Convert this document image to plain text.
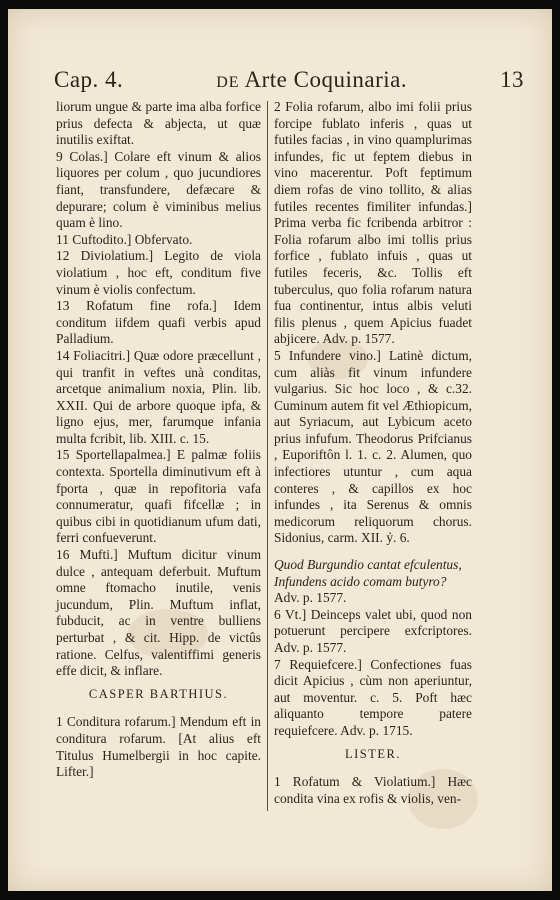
Cap. 4.	DE Arte Coquinaria.	13

liorum ungue & parte ima alba forfice prius defecta & abjecta, ut quæ inutilis exiftat.

9 Colas.] Colare eft vinum & alios liquores per colum , quo jucundiores fiant, transfundere, defæcare & depurare; colum è viminibus melius quam è lino.

11 Cuftodito.] Obfervato.

12 Diviolatium.] Legito de viola violatium , hoc eft, conditum five vinum è violis confectum.

13 Rofatum fine rofa.] Idem conditum iifdem quafi verbis apud Palladium.

14 Foliacitri.] Quæ odore præcellunt , qui tranfit in veftes unà conditas, arcetque animalium noxia, Plin. lib. XXII. Qui de arbore quoque ipfa, & ligno ejus, mer, farumque infania multa fcribit, lib. XIII. c. 15.

15 Sportellapalmea.] E palmæ foliis contexta. Sportella diminutivum eft à fporta , quæ in repofitoria vafa connumeratur, quafi fifcellæ ; in quibus cibi in quotidianum ufum dati, ferri confueverunt.

16 Mufti.] Muftum dicitur vinum dulce , antequam deferbuit. Muftum omne ftomacho inutile, venis jucundum, Plin. Muftum inflat, fubducit, ac in ventre bulliens perturbat , & cit. Hipp. de victûs ratione. Celfus, valentiffimi generis effe dicit, & inflare.

CASPER BARTHIUS.

1 Conditura rofarum.] Mendum eft in conditura rofarum. [At alius eft Titulus Humelbergii in hoc capite. Lifter.]

2 Folia rofarum, albo imi folii prius forcipe fublato inferis , quas ut futiles facias , in vino quamplurimas infundes, fic ut feptem diebus in vino macerentur. Poft feptimum diem rofas de vino tollito, & alias futiles recentes fimiliter infundas.] Prima verba fic fcribenda arbitror : Folia rofarum albo imi tollis prius forfice , fublato infuis , quas ut futiles feceris, &c. Tollis eft tuberculus, quo folia rofarum natura fua continentur, intus albis veluti filis plenus , quem Apicius fuadet abjicere. Adv. p. 1577.

5 Infundere vino.] Latinè dictum, cum aliàs fit vinum infundere vulgarius. Sic hoc loco , & c.32. Cuminum autem fit vel Æthiopicum, aut Syriacum, aut Lybicum aceto prius infufum. Theodorus Prifcianus , Euporiftôn l. 1. c. 2. Alumen, quo infectiores utuntur , cum aqua conteres , & capillos ex hoc infundes , ita Serenus & omnis medicorum reliquorum chorus. Sidonius, carm. XII. ỷ. 6.

Quod Burgundio cantat efculentus,

Infundens acido comam butyro?

Adv. p. 1577.

6 Vt.] Deinceps valet ubi, quod non potuerunt percipere exfcriptores. Adv. p. 1577.

7 Requiefcere.] Confectiones fuas dicit Apicius , cùm non aperiuntur, aut moventur. c. 5. Poft hæc aliquanto tempore patere requiefcere. Adv. p. 1715.

LISTER.

1 Rofatum & Violatium.] Hæc condita vina ex rofis & violis, ven-
